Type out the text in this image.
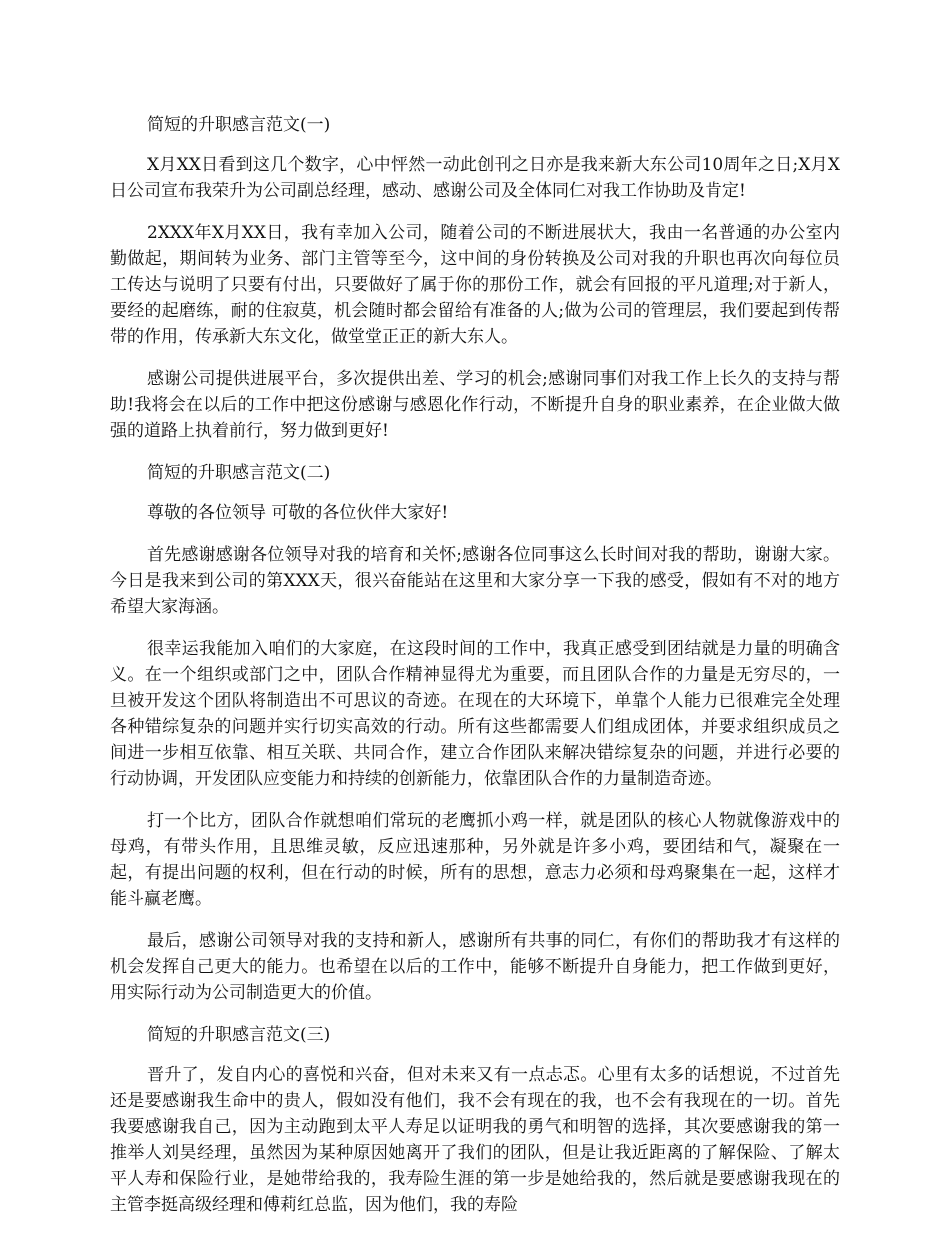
简短的升职感言范文(一)

X月XX日看到这几个数字，心中怦然一动此创刊之日亦是我来新大东公司10周年之日;X月X日公司宣布我荣升为公司副总经理，感动、感谢公司及全体同仁对我工作协助及肯定!

2XXX年X月XX日，我有幸加入公司，随着公司的不断进展状大，我由一名普通的办公室内勤做起，期间转为业务、部门主管等至今，这中间的身份转换及公司对我的升职也再次向每位员工传达与说明了只要有付出，只要做好了属于你的那份工作，就会有回报的平凡道理;对于新人，要经的起磨练，耐的住寂莫，机会随时都会留给有准备的人;做为公司的管理层，我们要起到传帮带的作用，传承新大东文化，做堂堂正正的新大东人。

感谢公司提供进展平台，多次提供出差、学习的机会;感谢同事们对我工作上长久的支持与帮助!我将会在以后的工作中把这份感谢与感恩化作行动，不断提升自身的职业素养，在企业做大做强的道路上执着前行，努力做到更好!

简短的升职感言范文(二)

尊敬的各位领导 可敬的各位伙伴大家好!

首先感谢感谢各位领导对我的培育和关怀;感谢各位同事这么长时间对我的帮助，谢谢大家。今日是我来到公司的第XXX天，很兴奋能站在这里和大家分享一下我的感受，假如有不对的地方希望大家海涵。

很幸运我能加入咱们的大家庭，在这段时间的工作中，我真正感受到团结就是力量的明确含义。在一个组织或部门之中，团队合作精神显得尤为重要，而且团队合作的力量是无穷尽的，一旦被开发这个团队将制造出不可思议的奇迹。在现在的大环境下，单靠个人能力已很难完全处理各种错综复杂的问题并实行切实高效的行动。所有这些都需要人们组成团体，并要求组织成员之间进一步相互依靠、相互关联、共同合作，建立合作团队来解决错综复杂的问题，并进行必要的行动协调，开发团队应变能力和持续的创新能力，依靠团队合作的力量制造奇迹。

打一个比方，团队合作就想咱们常玩的老鹰抓小鸡一样，就是团队的核心人物就像游戏中的母鸡，有带头作用，且思维灵敏，反应迅速那种，另外就是许多小鸡，要团结和气，凝聚在一起，有提出问题的权利，但在行动的时候，所有的思想，意志力必须和母鸡聚集在一起，这样才能斗赢老鹰。

最后，感谢公司领导对我的支持和新人，感谢所有共事的同仁，有你们的帮助我才有这样的机会发挥自己更大的能力。也希望在以后的工作中，能够不断提升自身能力，把工作做到更好，用实际行动为公司制造更大的价值。

简短的升职感言范文(三)

晋升了，发自内心的喜悦和兴奋，但对未来又有一点忐忑。心里有太多的话想说，不过首先还是要感谢我生命中的贵人，假如没有他们，我不会有现在的我，也不会有我现在的一切。首先我要感谢我自己，因为主动跑到太平人寿足以证明我的勇气和明智的选择，其次要感谢我的第一推举人刘昊经理，虽然因为某种原因她离开了我们的团队，但是让我近距离的了解保险、了解太平人寿和保险行业，是她带给我的，我寿险生涯的第一步是她给我的，然后就是要感谢我现在的主管李挺高级经理和傅莉红总监，因为他们，我的寿险
